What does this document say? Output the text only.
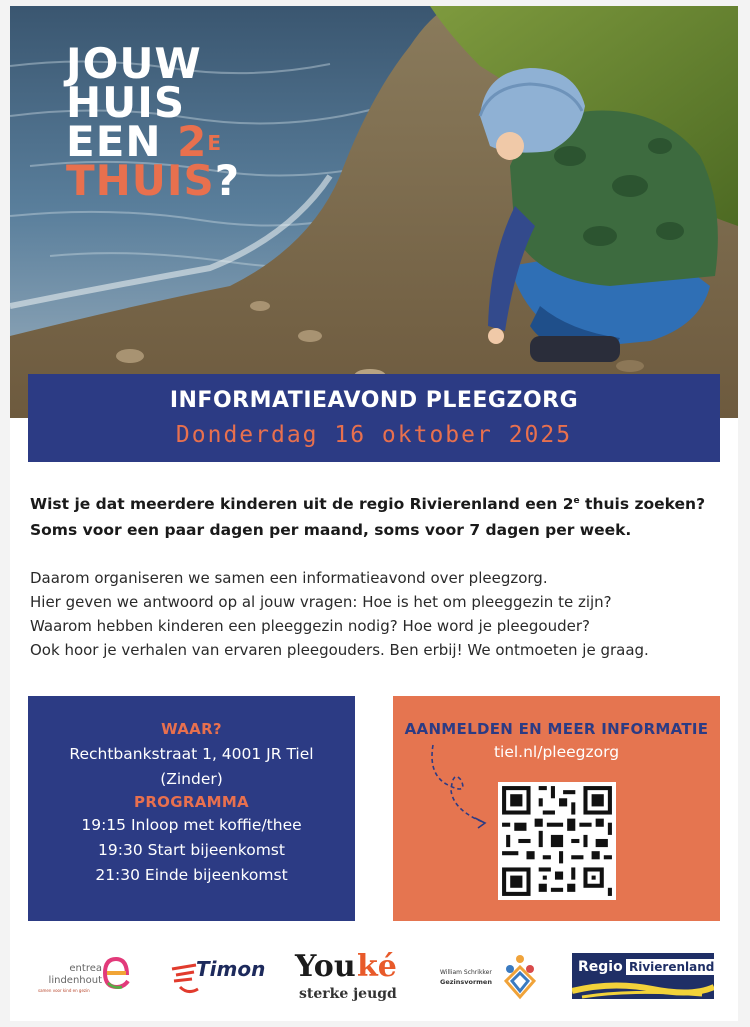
JOUW
HUIS
EEN $2^E$
THUIS?
INFORMATIEAVOND PLEEGZORG
Donderdag 16 oktober 2025
Wist je dat meerdere kinderen uit de regio Rivierenland een 2e thuis zoeken?
Soms voor een paar dagen per maand, soms voor 7 dagen per week.
Daarom organiseren we samen een informatieavond over pleegzorg.
Hier geven we antwoord op al jouw vragen: Hoe is het om pleeggezin te zijn?
Waarom hebben kinderen een pleeggezin nodig? Hoe word je pleegouder?
Ook hoor je verhalen van ervaren pleegouders. Ben erbij! We ontmoeten je graag.
WAAR?
Rechtbankstraat 1, 4001 JR Tiel
(Zinder)
PROGRAMMA
19:15 Inloop met koffie/thee
19:30 Start bijeenkomst
21:30 Einde bijeenkomst
AANMELDEN EN MEER INFORMATIE
tiel.nl/pleegzorg
entrea
lindenhout
samen voor kind en gezin
Timon You ké
sterke jeugd
William Schrikker
Gezinsvormen
Regio Rivierenland
